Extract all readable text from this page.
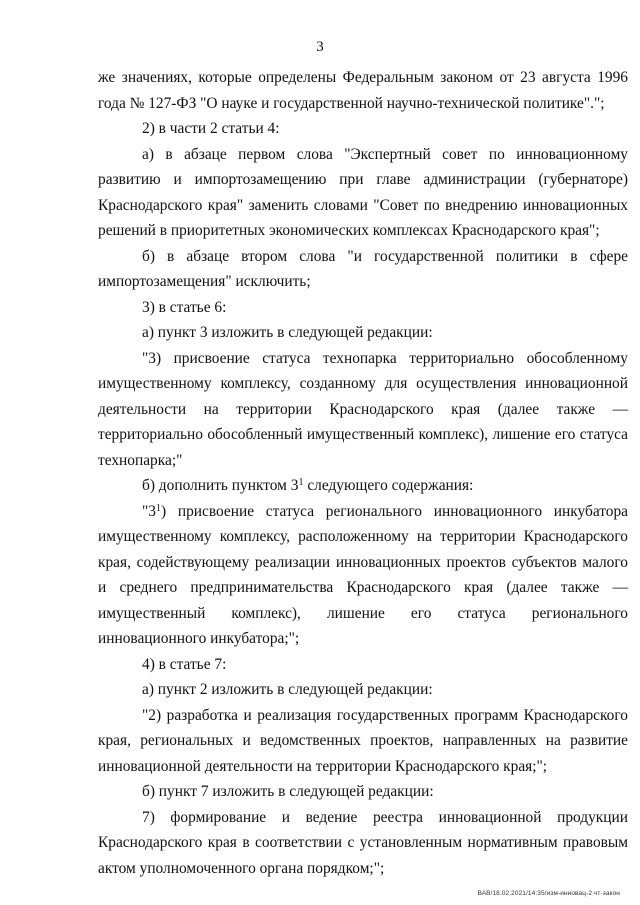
3

же значениях, которые определены Федеральным законом от 23 августа 1996 года № 127-ФЗ "О науке и государственной научно-технической политике".";

2) в части 2 статьи 4:

а) в абзаце первом слова "Экспертный совет по инновационному развитию и импортозамещению при главе администрации (губернаторе) Краснодарского края" заменить словами "Совет по внедрению инновационных решений в приоритетных экономических комплексах Краснодарского края";

б) в абзаце втором слова "и государственной политики в сфере импортозамещения" исключить;

3) в статье 6:

а) пункт 3 изложить в следующей редакции:

"3) присвоение статуса технопарка территориально обособленному имущественному комплексу, созданному для осуществления инновационной деятельности на территории Краснодарского края (далее также — территориально обособленный имущественный комплекс), лишение его статуса технопарка;"

б) дополнить пунктом $3^1$ следующего содержания:

"$3^1$) присвоение статуса регионального инновационного инкубатора имущественному комплексу, расположенному на территории Краснодарского края, содействующему реализации инновационных проектов субъектов малого и среднего предпринимательства Краснодарского края (далее также — имущественный комплекс), лишение его статуса регионального инновационного инкубатора;";

4) в статье 7:

а) пункт 2 изложить в следующей редакции:

"2) разработка и реализация государственных программ Краснодарского края, региональных и ведомственных проектов, направленных на развитие инновационной деятельности на территории Краснодарского края;";

б) пункт 7 изложить в следующей редакции:

7) формирование и ведение реестра инновационной продукции Краснодарского края в соответствии с установленным нормативным правовым актом уполномоченного органа порядком;";

ВАВ/18.02.2021/14:35/изм-инновац-2 чт-закон
